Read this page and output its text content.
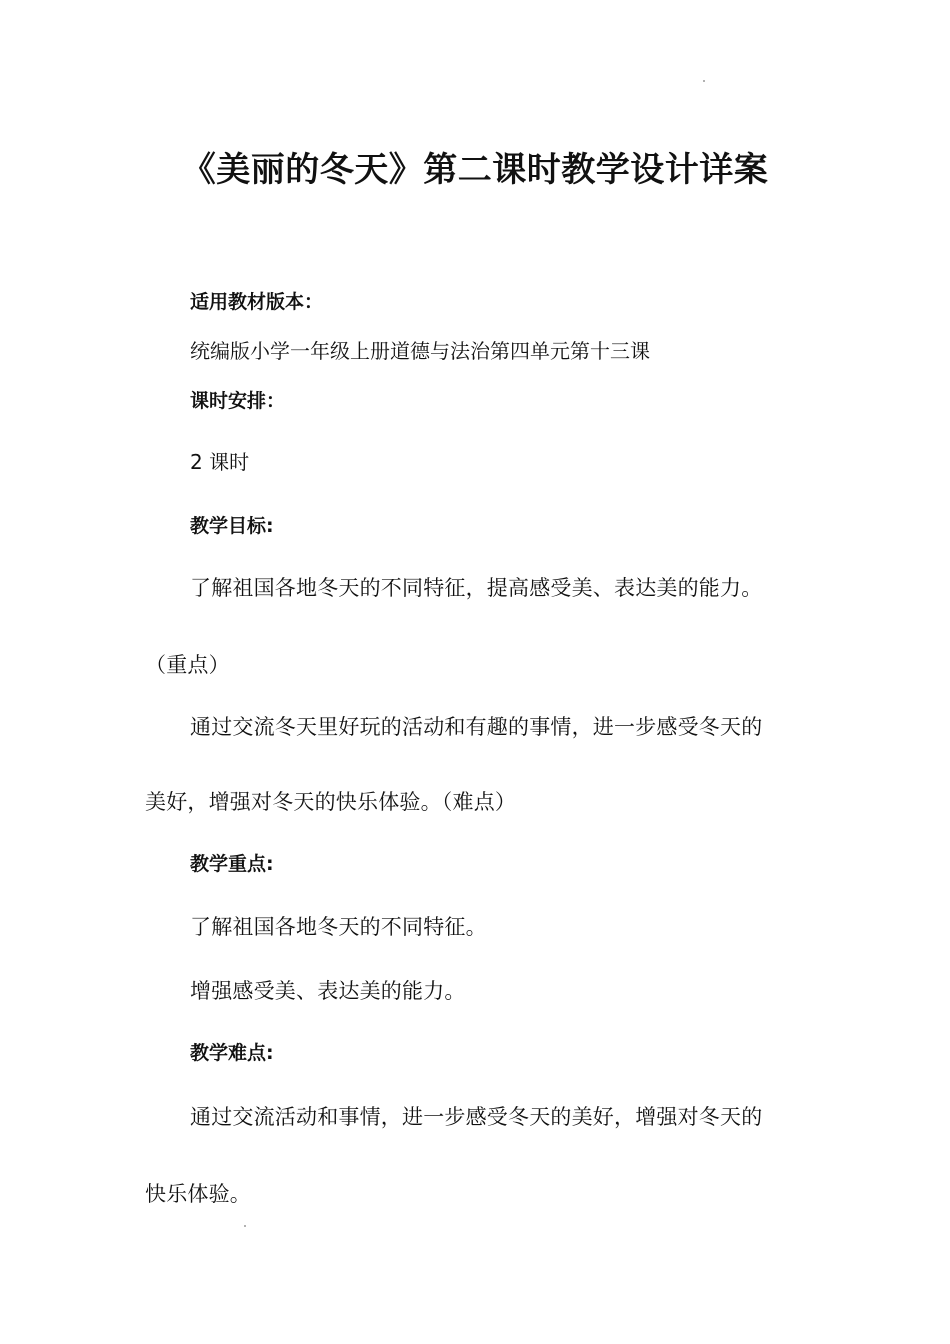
《美丽的冬天》第二课时教学设计详案
适用教材版本：
统编版小学一年级上册道德与法治第四单元第十三课
课时安排：
2 课时
教学目标:
了解祖国各地冬天的不同特征，提高感受美、表达美的能力。
（重点）
通过交流冬天里好玩的活动和有趣的事情，进一步感受冬天的
美好，增强对冬天的快乐体验。（难点）
教学重点:
了解祖国各地冬天的不同特征。
增强感受美、表达美的能力。
教学难点:
通过交流活动和事情，进一步感受冬天的美好，增强对冬天的
快乐体验。
